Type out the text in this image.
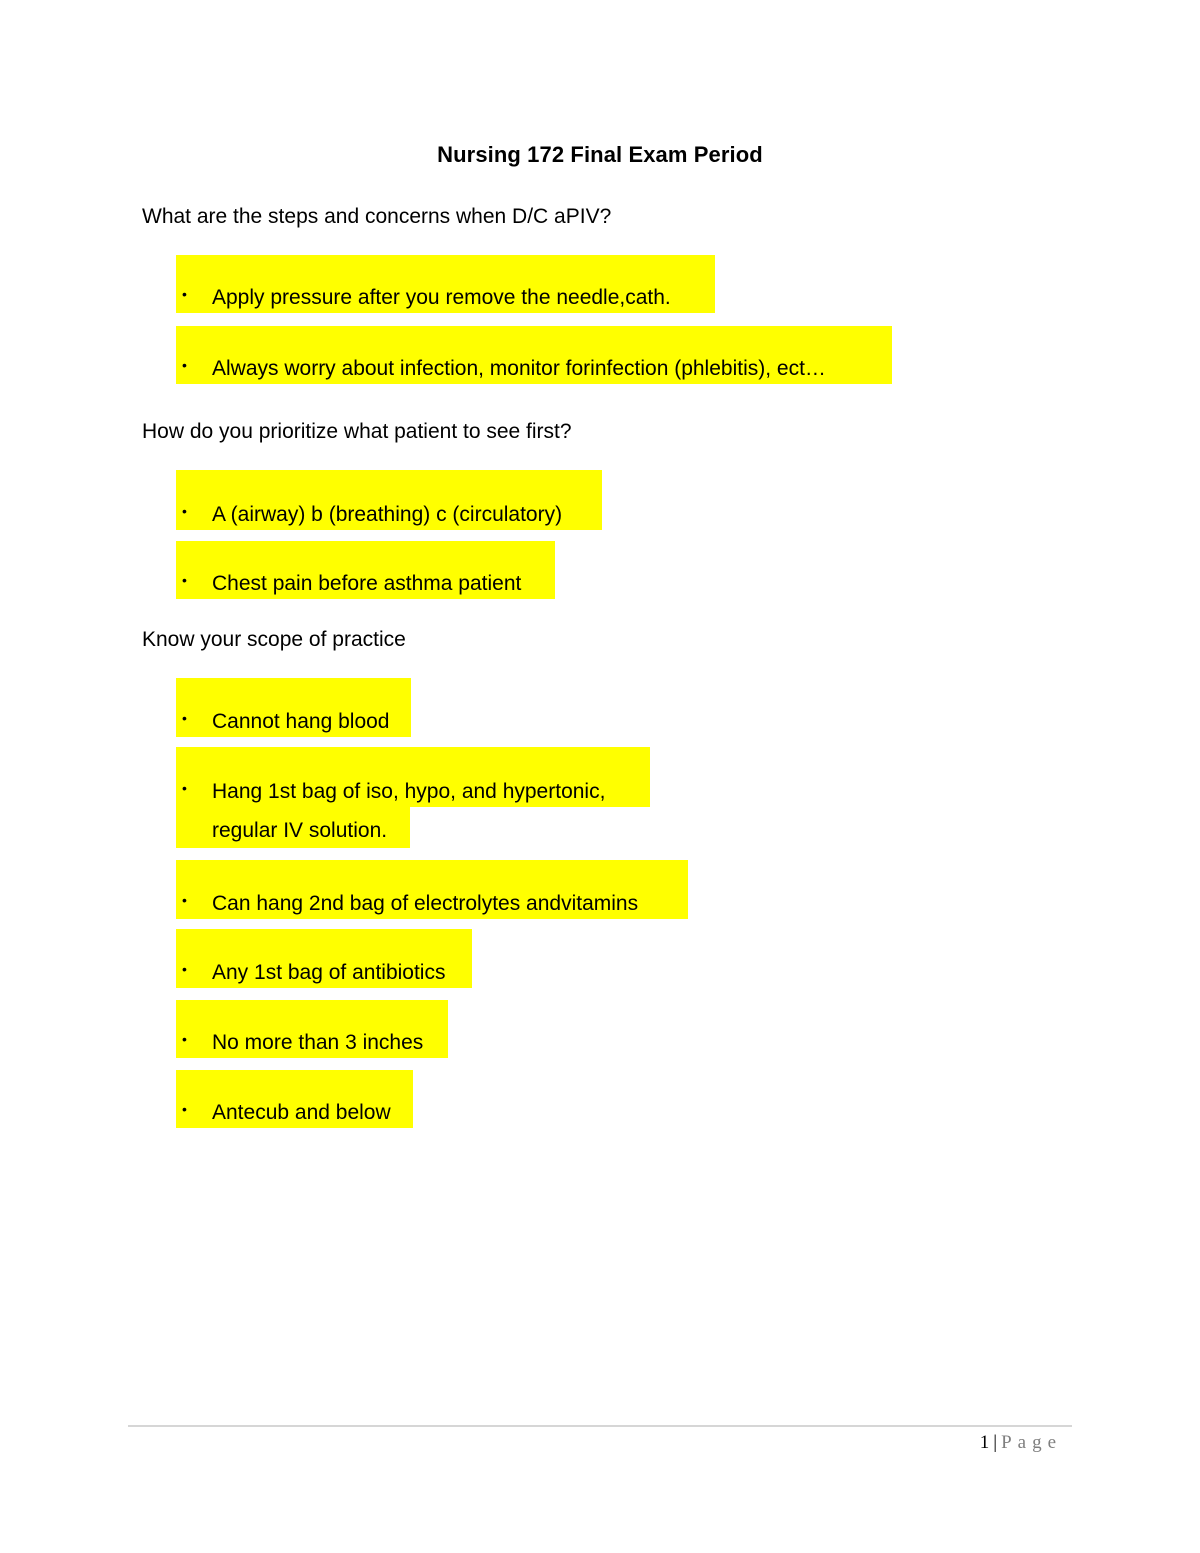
Nursing 172 Final Exam Period
What are the steps and concerns when D/C aPIV?
• Apply pressure after you remove the needle,cath.
• Always worry about infection, monitor forinfection (phlebitis), ect…
How do you prioritize what patient to see first?
• A (airway) b (breathing) c (circulatory)
• Chest pain before asthma patient
Know your scope of practice
• Cannot hang blood
• Hang 1st bag of iso, hypo, and hypertonic,
regular IV solution.
• Can hang 2nd bag of electrolytes andvitamins
• Any 1st bag of antibiotics
• No more than 3 inches
• Antecub and below
1 | Page
